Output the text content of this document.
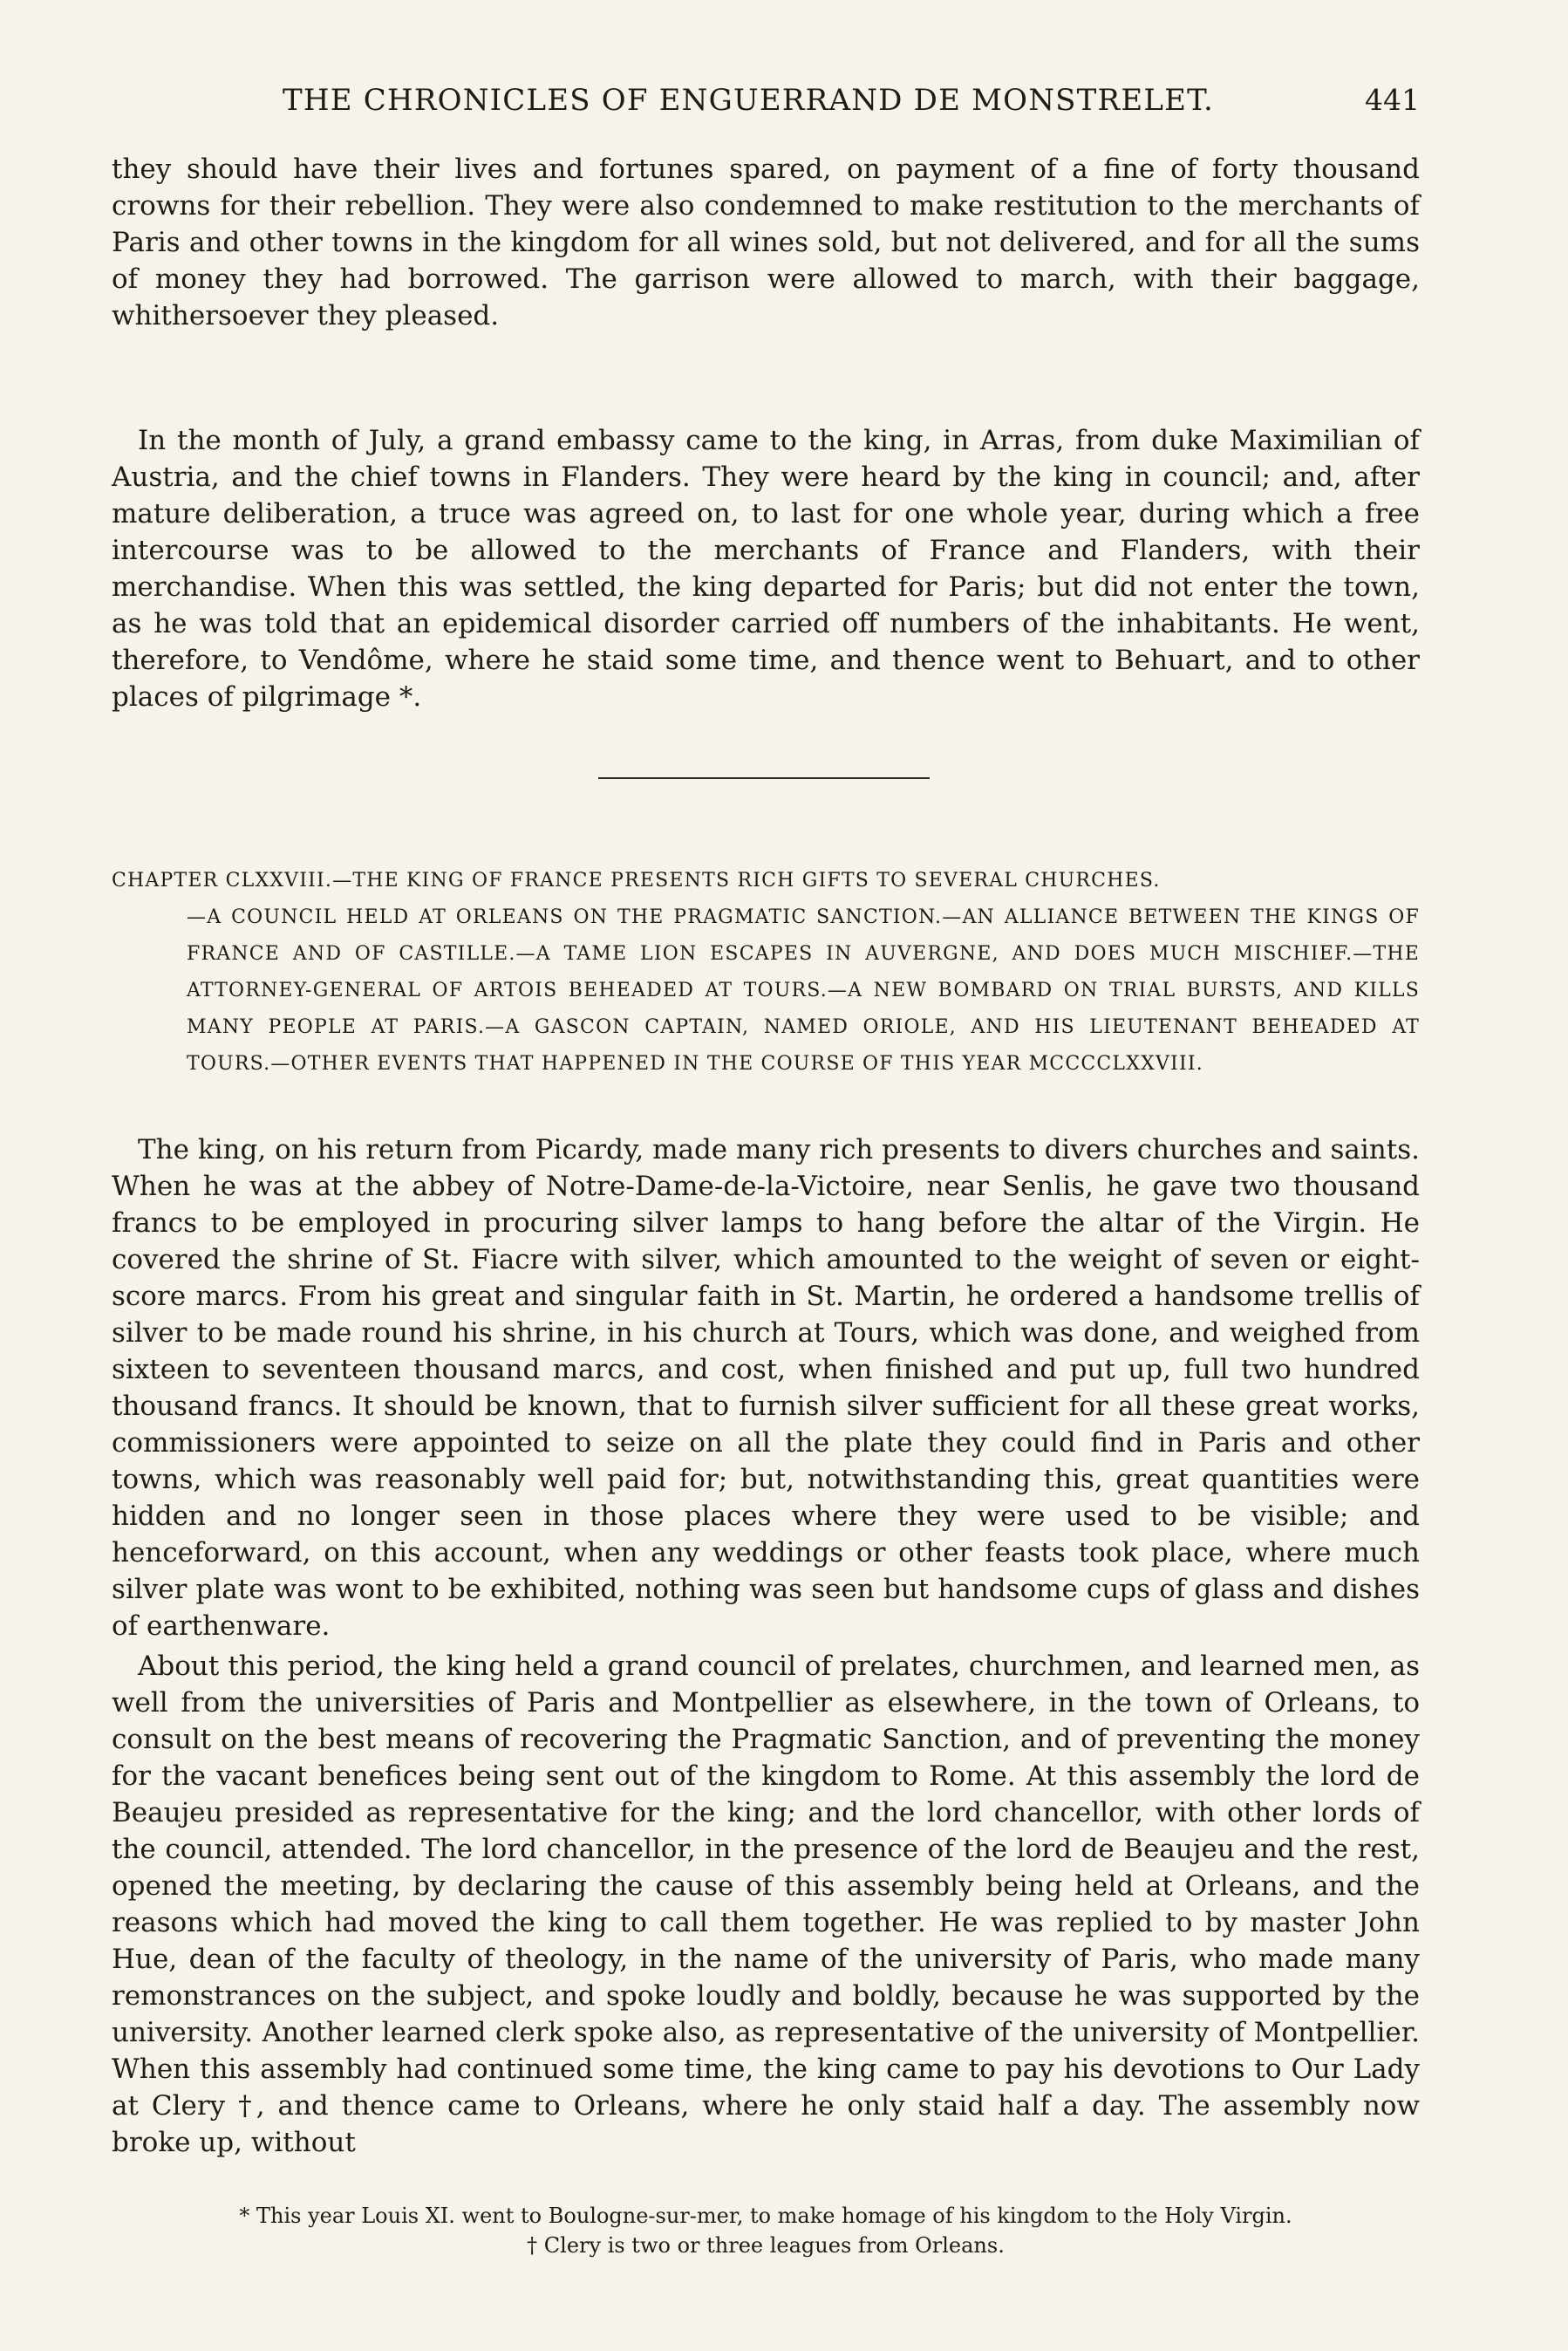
THE CHRONICLES OF ENGUERRAND DE MONSTRELET.	441

they should have their lives and fortunes spared, on payment of a fine of forty thousand crowns for their rebellion. They were also condemned to make restitution to the merchants of Paris and other towns in the kingdom for all wines sold, but not delivered, and for all the sums of money they had borrowed. The garrison were allowed to march, with their baggage, whithersoever they pleased.

In the month of July, a grand embassy came to the king, in Arras, from duke Maximilian of Austria, and the chief towns in Flanders. They were heard by the king in council; and, after mature deliberation, a truce was agreed on, to last for one whole year, during which a free intercourse was to be allowed to the merchants of France and Flanders, with their merchandise. When this was settled, the king departed for Paris; but did not enter the town, as he was told that an epidemical disorder carried off numbers of the inhabitants. He went, therefore, to Vendôme, where he staid some time, and thence went to Behuart, and to other places of pilgrimage *.

CHAPTER CLXXVIII.—THE KING OF FRANCE PRESENTS RICH GIFTS TO SEVERAL CHURCHES.
—A COUNCIL HELD AT ORLEANS ON THE PRAGMATIC SANCTION.—AN ALLIANCE BETWEEN THE KINGS OF FRANCE AND OF CASTILLE.—A TAME LION ESCAPES IN AUVERGNE, AND DOES MUCH MISCHIEF.—THE ATTORNEY-GENERAL OF ARTOIS BEHEADED AT TOURS.—A NEW BOMBARD ON TRIAL BURSTS, AND KILLS MANY PEOPLE AT PARIS.—A GASCON CAPTAIN, NAMED ORIOLE, AND HIS LIEUTENANT BEHEADED AT TOURS.—OTHER EVENTS THAT HAPPENED IN THE COURSE OF THIS YEAR MCCCCLXXVIII.

The king, on his return from Picardy, made many rich presents to divers churches and saints. When he was at the abbey of Notre-Dame-de-la-Victoire, near Senlis, he gave two thousand francs to be employed in procuring silver lamps to hang before the altar of the Virgin. He covered the shrine of St. Fiacre with silver, which amounted to the weight of seven or eight-score marcs. From his great and singular faith in St. Martin, he ordered a handsome trellis of silver to be made round his shrine, in his church at Tours, which was done, and weighed from sixteen to seventeen thousand marcs, and cost, when finished and put up, full two hundred thousand francs. It should be known, that to furnish silver sufficient for all these great works, commissioners were appointed to seize on all the plate they could find in Paris and other towns, which was reasonably well paid for; but, notwithstanding this, great quantities were hidden and no longer seen in those places where they were used to be visible; and henceforward, on this account, when any weddings or other feasts took place, where much silver plate was wont to be exhibited, nothing was seen but handsome cups of glass and dishes of earthenware.

About this period, the king held a grand council of prelates, churchmen, and learned men, as well from the universities of Paris and Montpellier as elsewhere, in the town of Orleans, to consult on the best means of recovering the Pragmatic Sanction, and of preventing the money for the vacant benefices being sent out of the kingdom to Rome. At this assembly the lord de Beaujeu presided as representative for the king; and the lord chancellor, with other lords of the council, attended. The lord chancellor, in the presence of the lord de Beaujeu and the rest, opened the meeting, by declaring the cause of this assembly being held at Orleans, and the reasons which had moved the king to call them together. He was replied to by master John Hue, dean of the faculty of theology, in the name of the university of Paris, who made many remonstrances on the subject, and spoke loudly and boldly, because he was supported by the university. Another learned clerk spoke also, as representative of the university of Montpellier. When this assembly had continued some time, the king came to pay his devotions to Our Lady at Clery †, and thence came to Orleans, where he only staid half a day. The assembly now broke up, without

* This year Louis XI. went to Boulogne-sur-mer, to make homage of his kingdom to the Holy Virgin.
† Clery is two or three leagues from Orleans.
